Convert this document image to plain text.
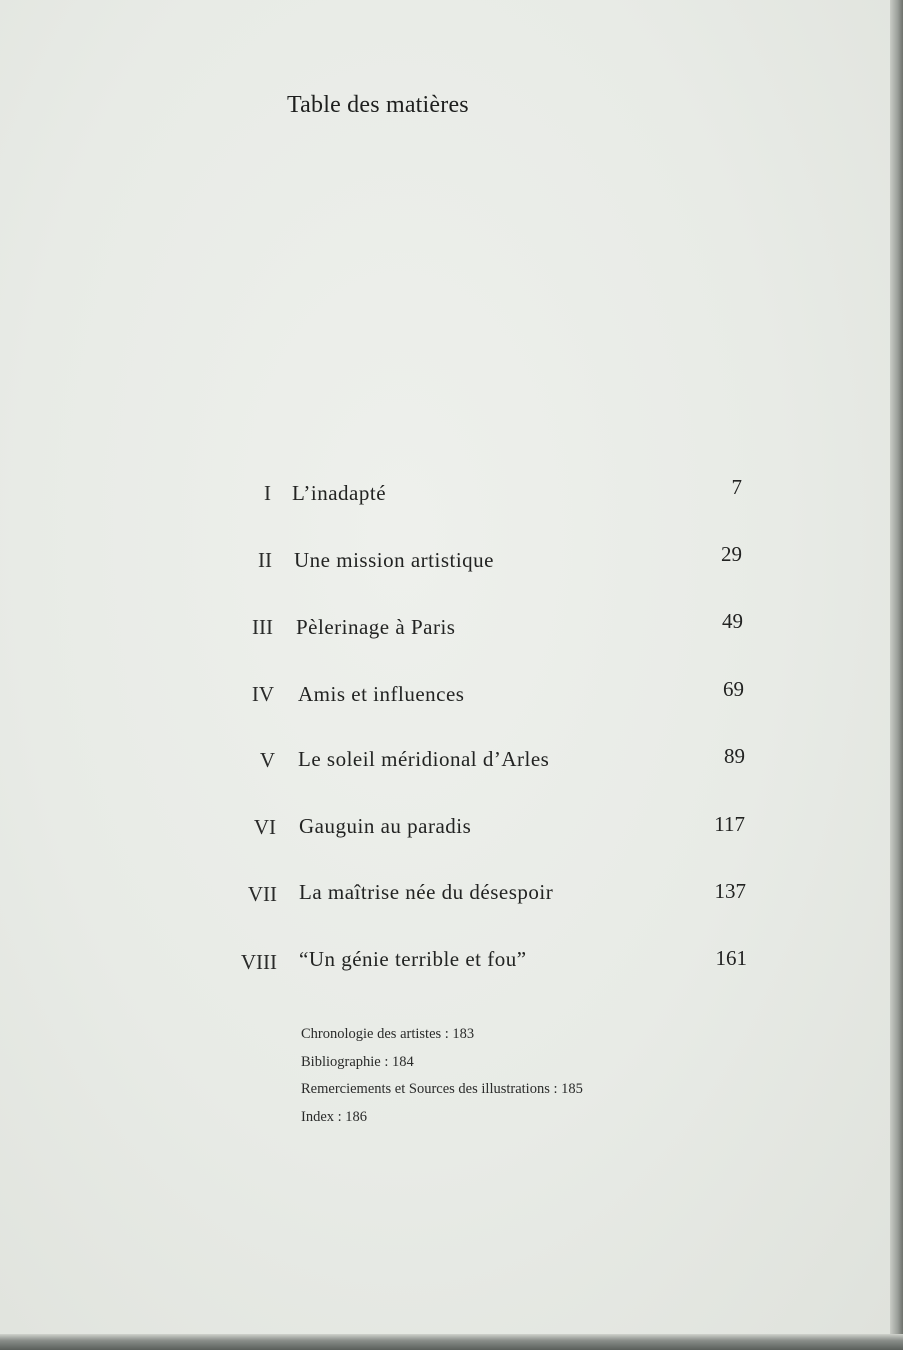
Table des matières
I L’inadapté	7
II Une mission artistique	29
III Pèlerinage à Paris	49
IV Amis et influences	69
V Le soleil méridional d’Arles	89
VI Gauguin au paradis	117
VII La maîtrise née du désespoir	137
VIII “Un génie terrible et fou”	161
Chronologie des artistes : 183
Bibliographie : 184
Remerciements et Sources des illustrations : 185
Index : 186
